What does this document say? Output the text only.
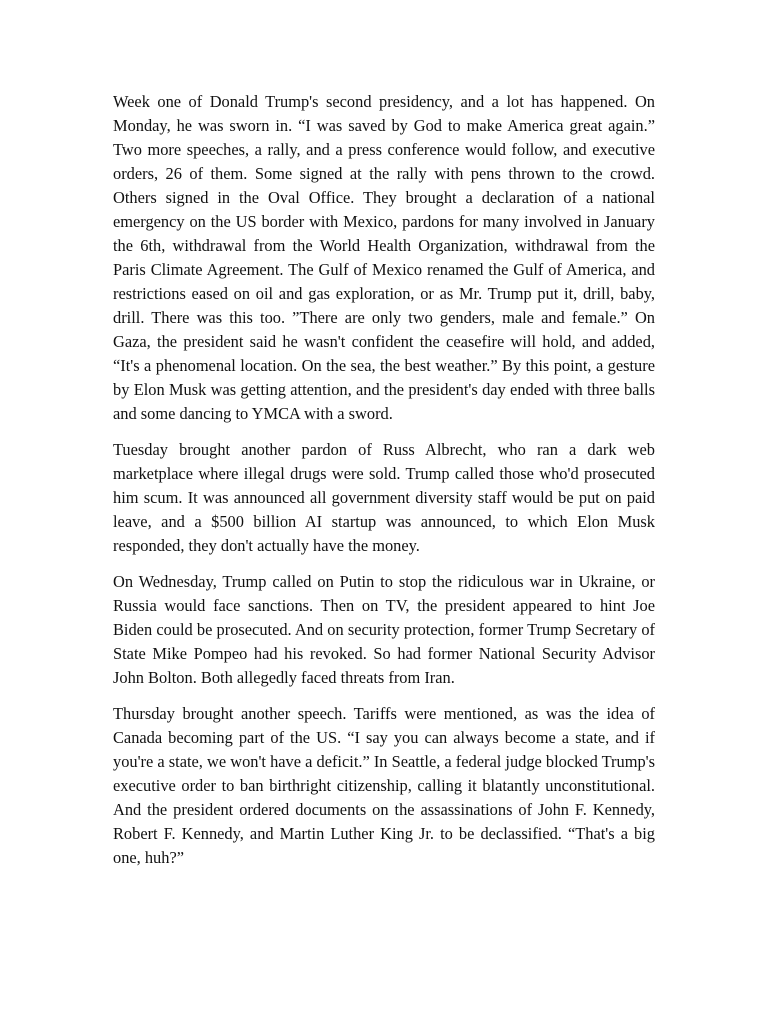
Week one of Donald Trump's second presidency, and a lot has happened. On Monday, he was sworn in. “I was saved by God to make America great again.” Two more speeches, a rally, and a press conference would follow, and executive orders, 26 of them. Some signed at the rally with pens thrown to the crowd. Others signed in the Oval Office. They brought a declaration of a national emergency on the US border with Mexico, pardons for many involved in January the 6th, withdrawal from the World Health Organization, withdrawal from the Paris Climate Agreement. The Gulf of Mexico renamed the Gulf of America, and restrictions eased on oil and gas exploration, or as Mr. Trump put it, drill, baby, drill. There was this too. ”There are only two genders, male and female.” On Gaza, the president said he wasn't confident the ceasefire will hold, and added, “It's a phenomenal location. On the sea, the best weather.” By this point, a gesture by Elon Musk was getting attention, and the president's day ended with three balls and some dancing to YMCA with a sword.

Tuesday brought another pardon of Russ Albrecht, who ran a dark web marketplace where illegal drugs were sold. Trump called those who'd prosecuted him scum. It was announced all government diversity staff would be put on paid leave, and a $500 billion AI startup was announced, to which Elon Musk responded, they don't actually have the money.

On Wednesday, Trump called on Putin to stop the ridiculous war in Ukraine, or Russia would face sanctions. Then on TV, the president appeared to hint Joe Biden could be prosecuted. And on security protection, former Trump Secretary of State Mike Pompeo had his revoked. So had former National Security Advisor John Bolton. Both allegedly faced threats from Iran.

Thursday brought another speech. Tariffs were mentioned, as was the idea of Canada becoming part of the US. “I say you can always become a state, and if you're a state, we won't have a deficit.” In Seattle, a federal judge blocked Trump's executive order to ban birthright citizenship, calling it blatantly unconstitutional. And the president ordered documents on the assassinations of John F. Kennedy, Robert F. Kennedy, and Martin Luther King Jr. to be declassified. “That's a big one, huh?”
